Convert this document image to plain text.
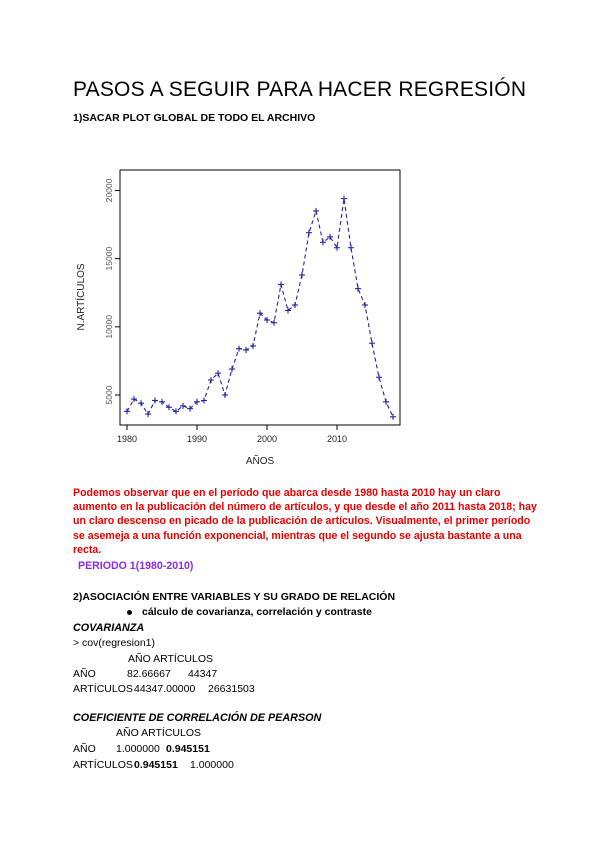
PASOS A SEGUIR PARA HACER REGRESIÓN
1)SACAR PLOT GLOBAL DE TODO EL ARCHIVO
1980	1990	2000	2010
5000
10000
15000
20000
AÑOS
N.ARTÍCULOS
Podemos observar que en el período que abarca desde 1980 hasta 2010 hay un claro aumento en la publicación del número de artículos, y que desde el año 2011 hasta 2018; hay un claro descenso en picado de la publicación de artículos. Visualmente, el primer período se asemeja a una función exponencial, mientras que el segundo se ajusta bastante a una recta.
PERIODO 1(1980-2010)
2)ASOCIACIÓN ENTRE VARIABLES Y SU GRADO DE RELACIÓN
cálculo de covarianza, correlación y contraste
COVARIANZA
> cov(regresion1)
AÑO ARTÍCULOS
AÑO	82.66667 44347
ARTÍCULOS 44347.00000 26631503
COEFICIENTE DE CORRELACIÓN DE PEARSON
AÑO ARTÍCULOS
AÑO 1.000000 0.945151
ARTÍCULOS 0.945151 1.000000
